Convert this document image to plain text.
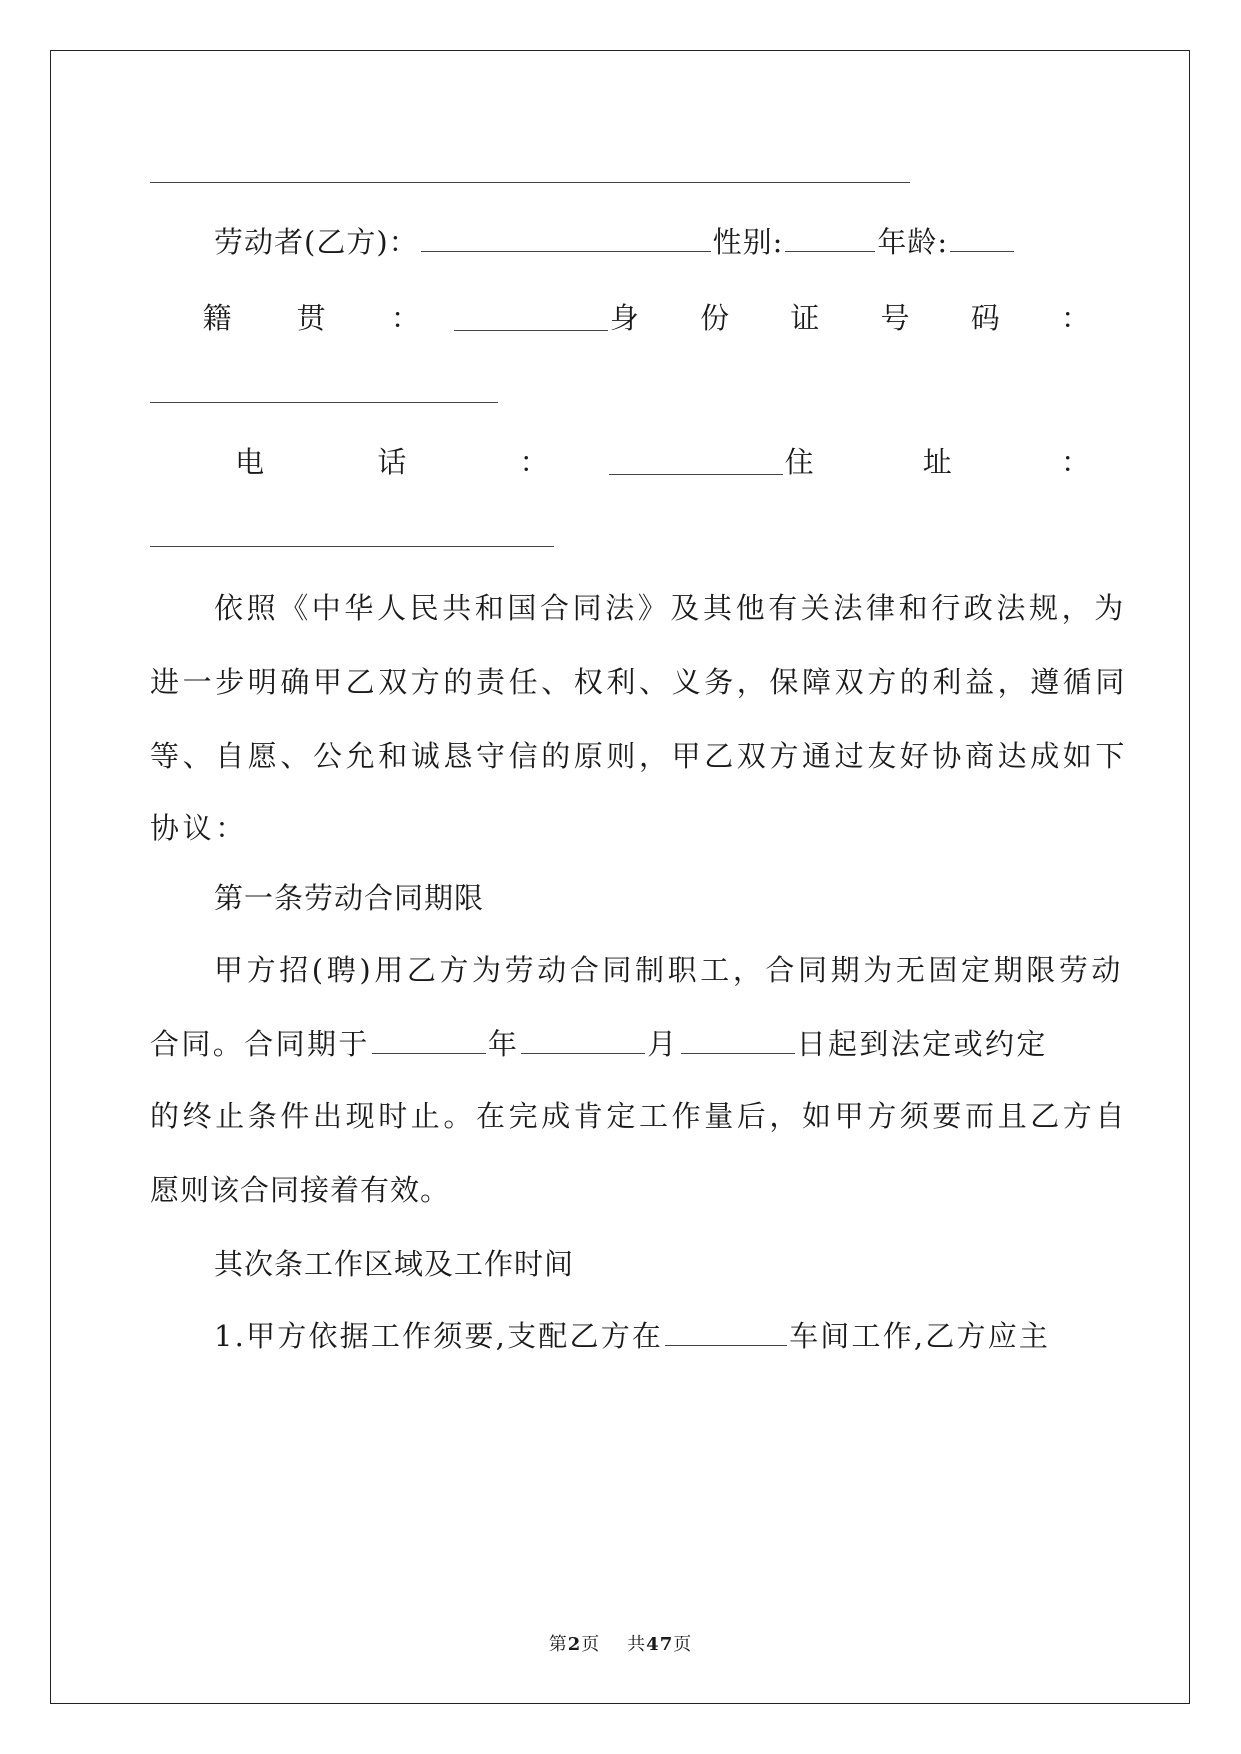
劳动者(乙方)：	性别:	年龄:
籍 贯 ：	身 份 证 号 码 ：
电 话 ：	住 址 ：
依照《中华人民共和国合同法》及其他有关法律和行政法规，为
进一步明确甲乙双方的责任、权利、义务，保障双方的利益，遵循同
等、自愿、公允和诚恳守信的原则，甲乙双方通过友好协商达成如下
协议：
第一条劳动合同期限
甲方招(聘)用乙方为劳动合同制职工，合同期为无固定期限劳动
合同。合同期于	年	月	日起到法定或约定
的终止条件出现时止。在完成肯定工作量后，如甲方须要而且乙方自
愿则该合同接着有效。
其次条工作区域及工作时间
1.甲方依据工作须要,支配乙方在	车间工作,乙方应主
第2页    共47页
